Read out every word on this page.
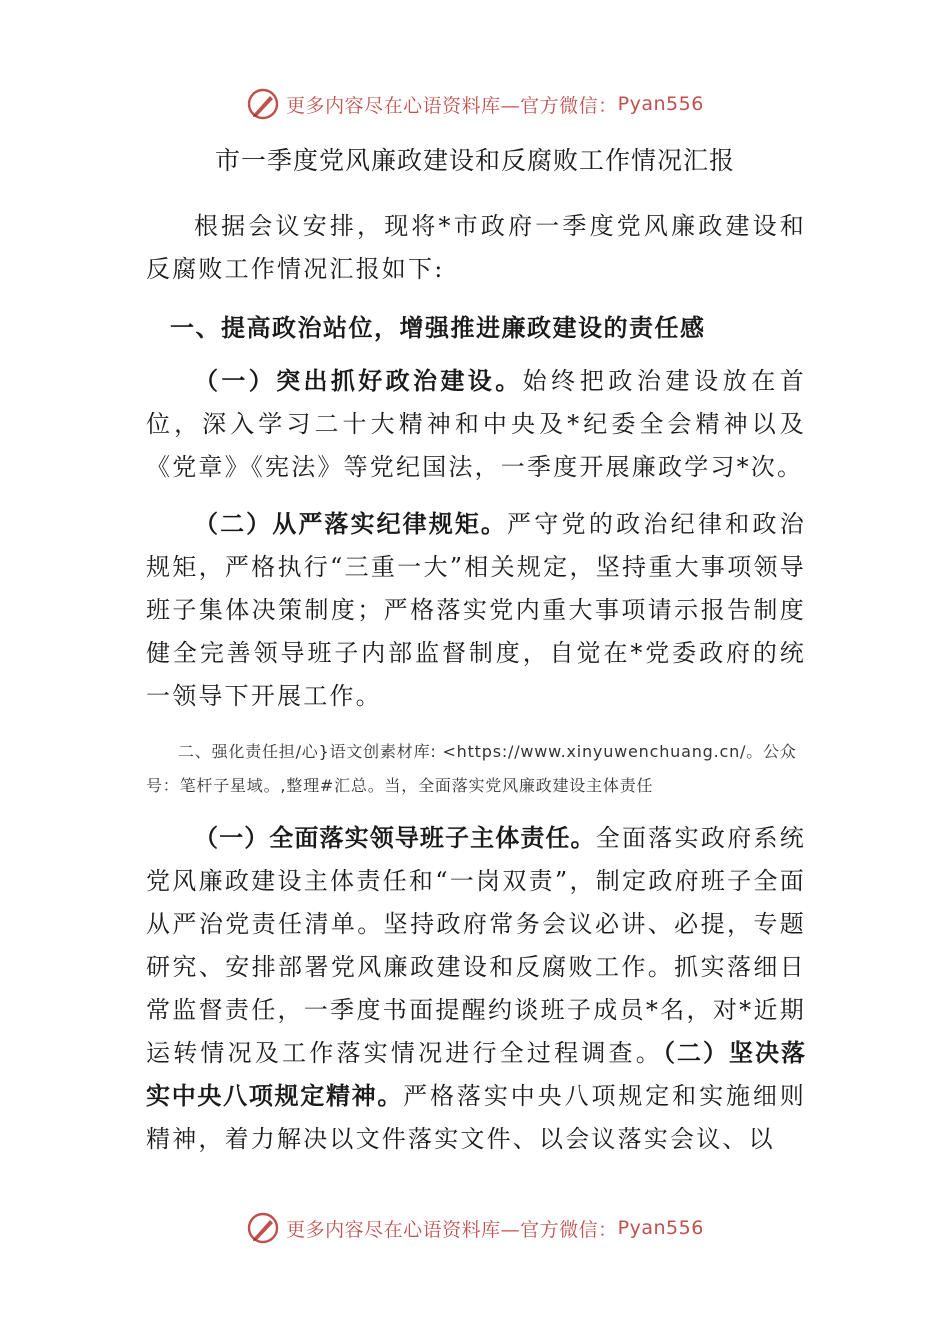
更多内容尽在心语资料库—官方微信： Pyan556
市一季度党风廉政建设和反腐败工作情况汇报

根据会议安排，现将*市政府一季度党风廉政建设和反腐败工作情况汇报如下:

一、提高政治站位，增强推进廉政建设的责任感

（一）突出抓好政治建设。始终把政治建设放在首位，深入学习二十大精神和中央及*纪委全会精神以及《党章》《宪法》等党纪国法，一季度开展廉政学习*次。

（二）从严落实纪律规矩。严守党的政治纪律和政治规矩，严格执行“三重一大”相关规定，坚持重大事项领导班子集体决策制度；严格落实党内重大事项请示报告制度健全完善领导班子内部监督制度，自觉在*党委政府的统一领导下开展工作。

二、强化责任担/心}语文创素材库: <https://www.xinyuwenchuang.cn/。公众号：笔杆子星域。,整理#汇总。当，全面落实党风廉政建设主体责任

（一）全面落实领导班子主体责任。全面落实政府系统党风廉政建设主体责任和“一岗双责”，制定政府班子全面从严治党责任清单。坚持政府常务会议必讲、必提，专题研究、安排部署党风廉政建设和反腐败工作。抓实落细日常监督责任，一季度书面提醒约谈班子成员*名，对*近期运转情况及工作落实情况进行全过程调查。（二）坚决落实中央八项规定精神。严格落实中央八项规定和实施细则精神，着力解决以文件落实文件、以会议落实会议、以

更多内容尽在心语资料库—官方微信： Pyan556
